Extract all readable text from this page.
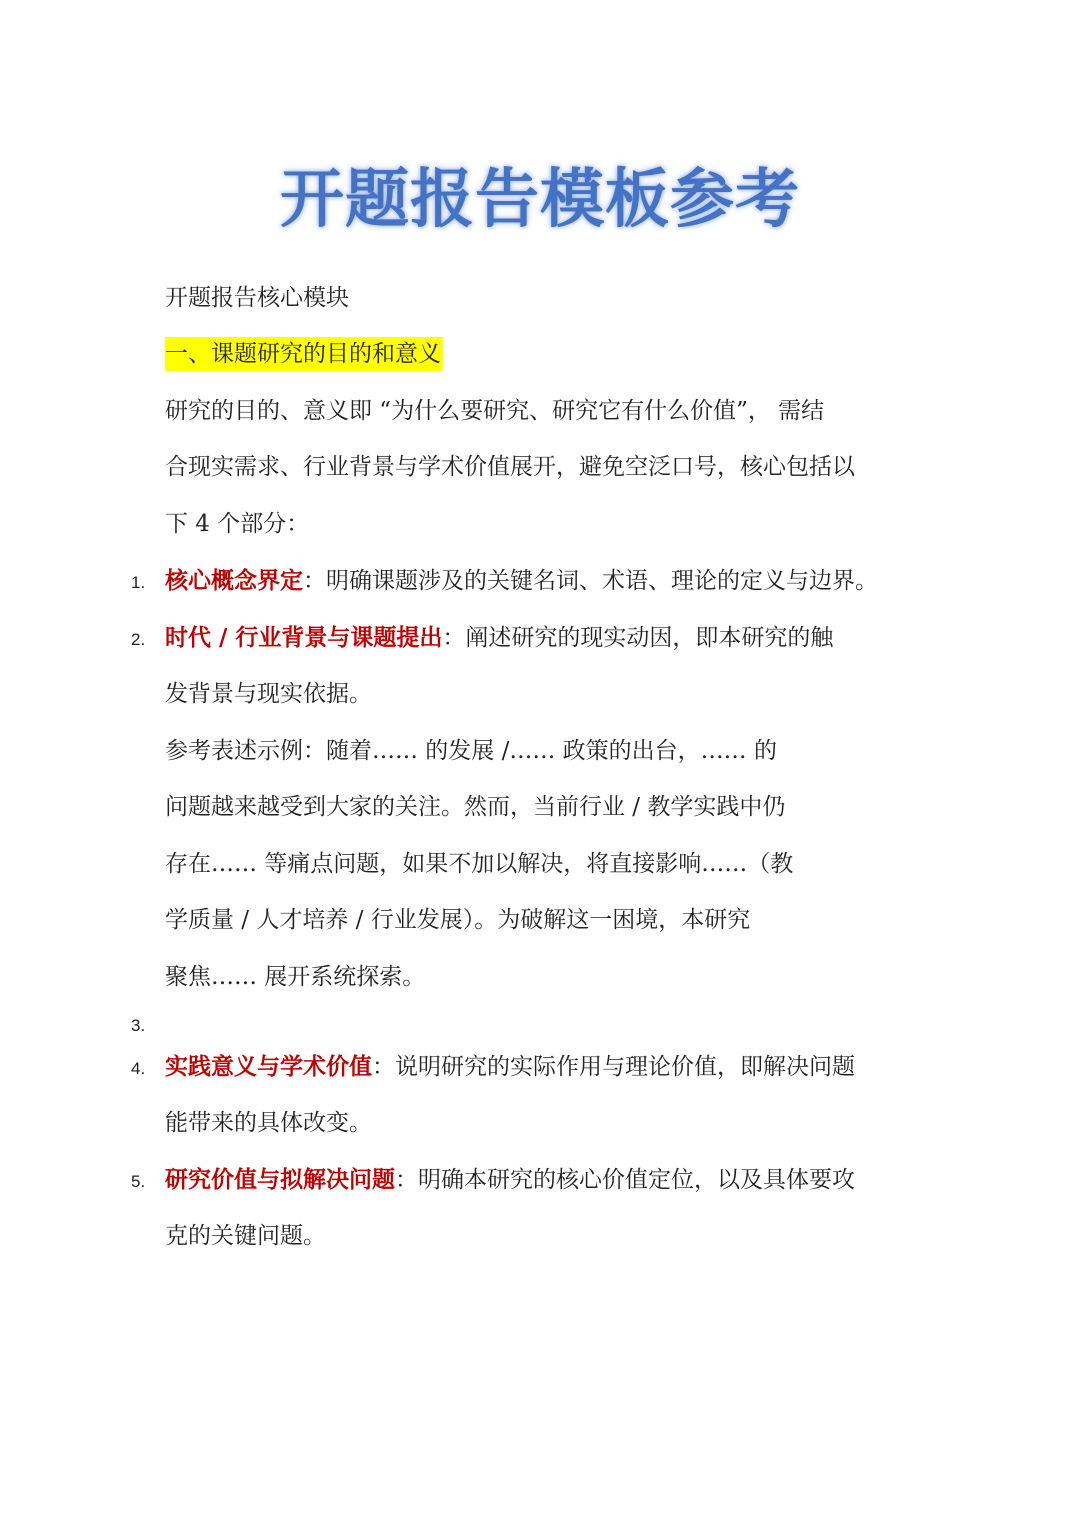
开题报告模板参考
开题报告核心模块
一、课题研究的目的和意义
研究的目的、意义即 “为什么要研究、研究它有什么价值”， 需结
合现实需求、行业背景与学术价值展开，避免空泛口号，核心包括以
下 4 个部分：
1. 核心概念界定：明确课题涉及的关键名词、术语、理论的定义与边界。
2. 时代 / 行业背景与课题提出：阐述研究的现实动因，即本研究的触
发背景与现实依据。
参考表述示例：随着…… 的发展 /…… 政策的出台，…… 的
问题越来越受到大家的关注。然而，当前行业 / 教学实践中仍
存在…… 等痛点问题，如果不加以解决，将直接影响……（教
学质量 / 人才培养 / 行业发展）。为破解这一困境，本研究
聚焦…… 展开系统探索。
3.
4. 实践意义与学术价值：说明研究的实际作用与理论价值，即解决问题
能带来的具体改变。
5. 研究价值与拟解决问题：明确本研究的核心价值定位，以及具体要攻
克的关键问题。
